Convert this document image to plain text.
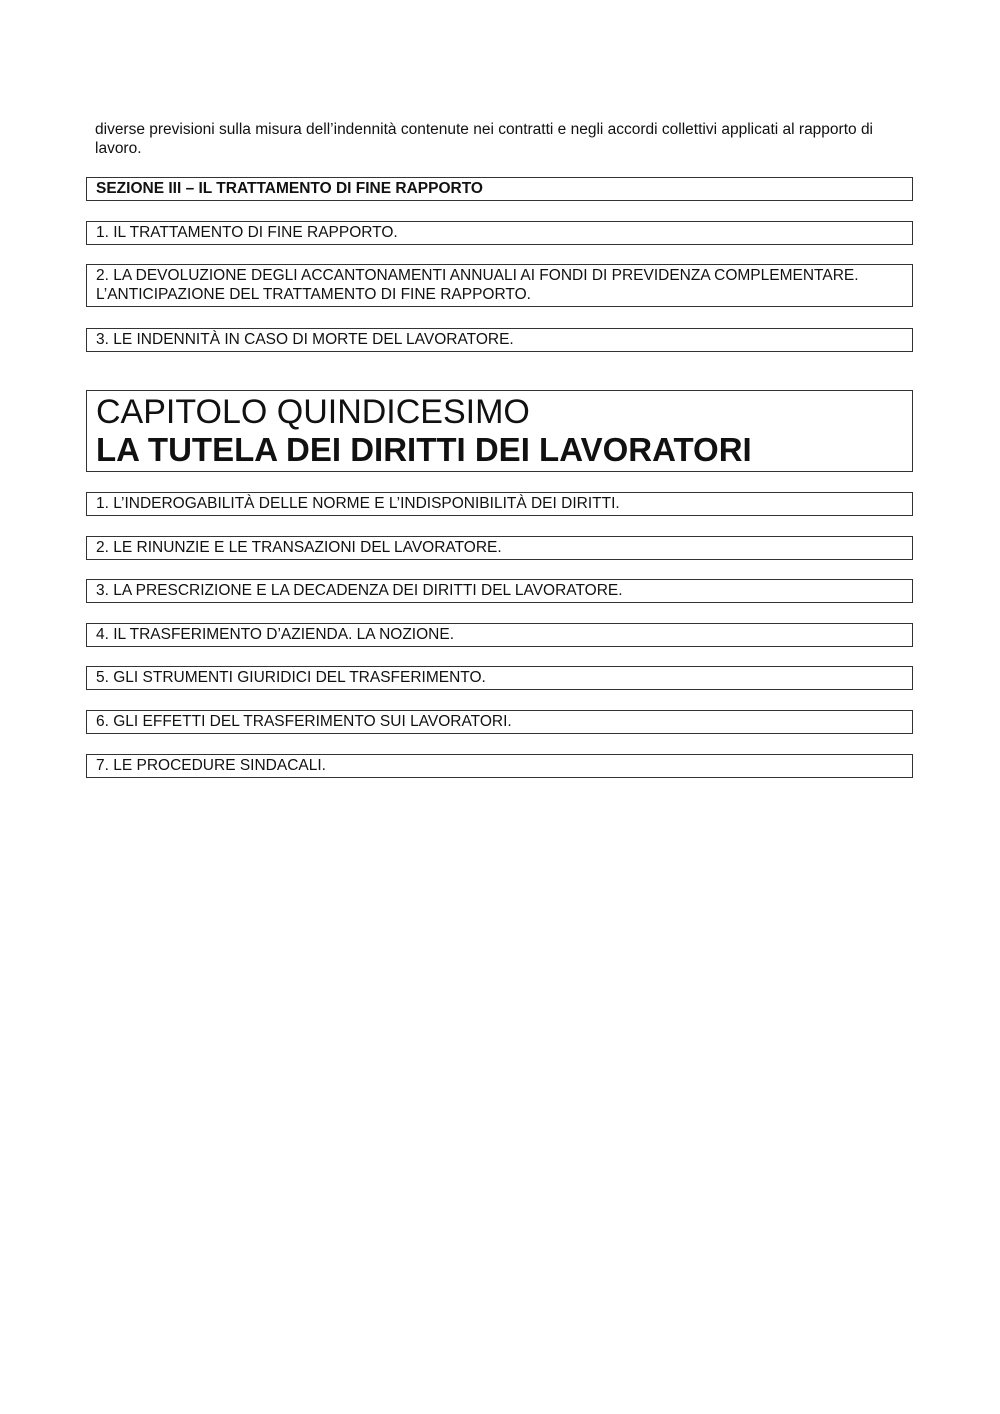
diverse previsioni sulla misura dell’indennità contenute nei contratti e negli accordi collettivi applicati al rapporto di lavoro.

SEZIONE III – IL TRATTAMENTO DI FINE RAPPORTO
1. IL TRATTAMENTO DI FINE RAPPORTO.
2. LA DEVOLUZIONE DEGLI ACCANTONAMENTI ANNUALI AI FONDI DI PREVIDENZA COMPLEMENTARE. L’ANTICIPAZIONE DEL TRATTAMENTO DI FINE RAPPORTO.
3. LE INDENNITÀ IN CASO DI MORTE DEL LAVORATORE.
CAPITOLO QUINDICESIMO
LA TUTELA DEI DIRITTI DEI LAVORATORI
1. L’INDEROGABILITÀ DELLE NORME E L’INDISPONIBILITÀ DEI DIRITTI.
2. LE RINUNZIE E LE TRANSAZIONI DEL LAVORATORE.
3. LA PRESCRIZIONE E LA DECADENZA DEI DIRITTI DEL LAVORATORE.
4. IL TRASFERIMENTO D’AZIENDA. LA NOZIONE.
5. GLI STRUMENTI GIURIDICI DEL TRASFERIMENTO.
6. GLI EFFETTI DEL TRASFERIMENTO SUI LAVORATORI.
7. LE PROCEDURE SINDACALI.
